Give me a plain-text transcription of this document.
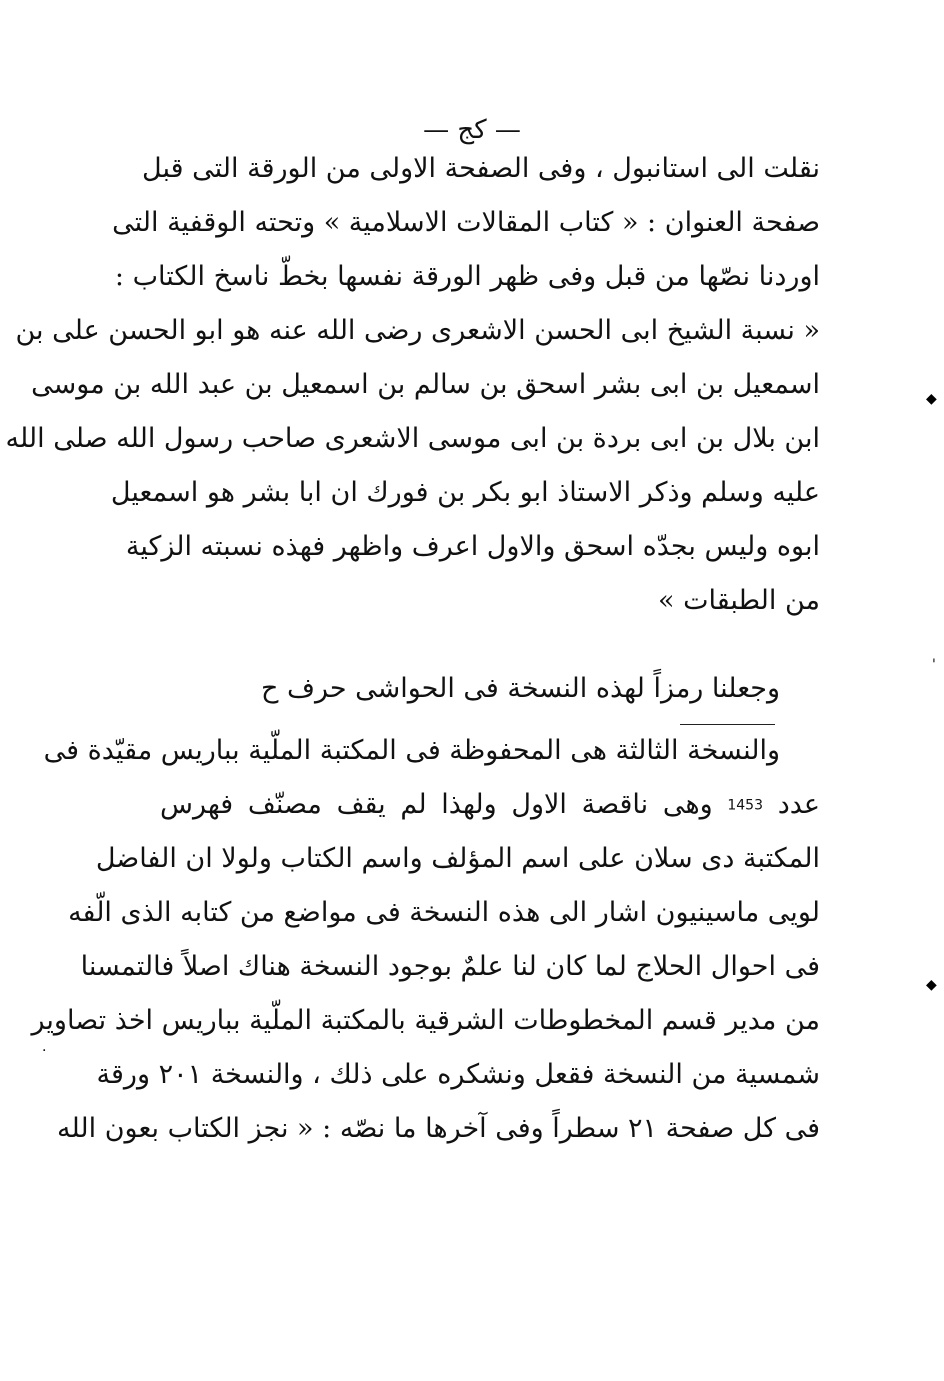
— كج —
نقلت الى استانبول ، وفى الصفحة الاولى من الورقة التى قبل
صفحة العنوان : « كتاب المقالات الاسلامية » وتحته الوقفية التى
اوردنا نصّها من قبل وفى ظهر الورقة نفسها بخطّ ناسخ الكتاب :
« نسبة الشيخ ابى الحسن الاشعرى رضى الله عنه هو ابو الحسن على بن
اسمعيل بن ابى بشر اسحق بن سالم بن اسمعيل بن عبد الله بن موسى
ابن بلال بن ابى بردة بن ابى موسى الاشعرى صاحب رسول الله صلى الله
عليه وسلم وذكر الاستاذ ابو بكر بن فورك ان ابا بشر هو اسمعيل
ابوه وليس بجدّه اسحق والاول اعرف واظهر فهذه نسبته الزكية
من الطبقات »
وجعلنا رمزاً لهذه النسخة فى الحواشى حرف ح
والنسخة الثالثة هى المحفوظة فى المكتبة الملّية بباريس مقيّدة فى
عدد 1453 وهى ناقصة الاول ولهذا لم يقف مصنّف فهرس
المكتبة دى سلان على اسم المؤلف واسم الكتاب ولولا ان الفاضل
لويى ماسينيون اشار الى هذه النسخة فى مواضع من كتابه الذى الّفه
فى احوال الحلاج لما كان لنا علمٌ بوجود النسخة هناك اصلاً فالتمسنا
من مدير قسم المخطوطات الشرقية بالمكتبة الملّية بباريس اخذ تصاوير
شمسية من النسخة فقعل ونشكره على ذلك ، والنسخة ٢٠١ ورقة
فى كل صفحة ٢١ سطراً وفى آخرها ما نصّه : « نجز الكتاب بعون الله
◆
◆
·
'
